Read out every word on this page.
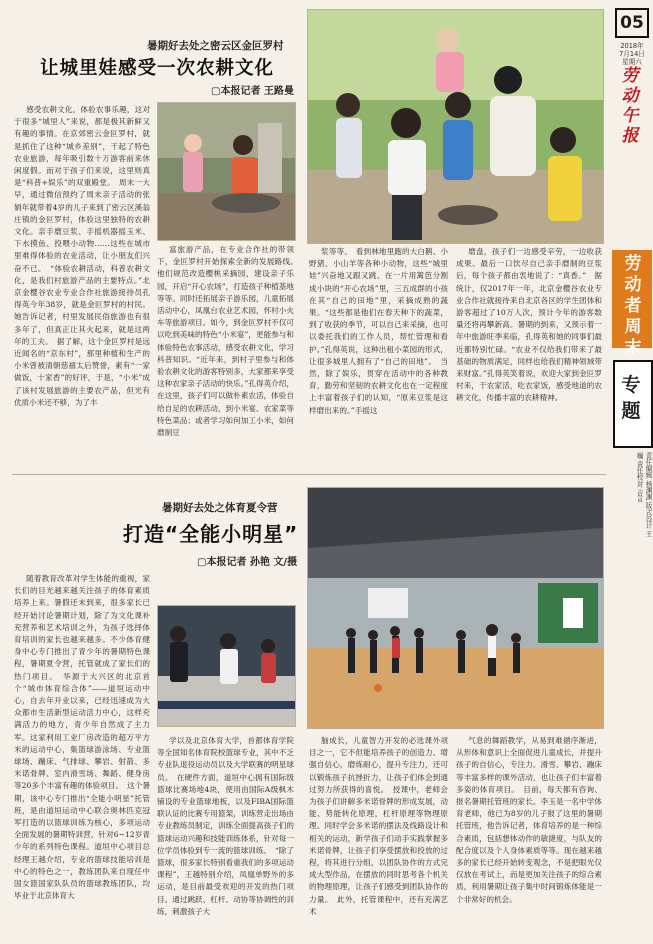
暑期好去处之密云区金叵罗村
让城里娃感受一次农耕文化
▢本报记者 王路曼

感受农耕文化，体验农事乐趣，这对于很多“城里人”来说，都是极其新鲜又有趣的事情。在京郊密云金叵罗村，就是抓住了这种“城乡差别”，干起了特色农业旅游，每年吸引数十万游客前来休闲度假。而对于孩子们来说，这里则真是“科普+娱乐”的双重殿堂。　周末一大早，通过微信预约了周末亲子活动的张娟年就带着4岁的儿子来到了密云区溪翁庄镇的金叵罗村，体验这里独特的农耕文化。亲手磨豆浆、手摇机器摇玉米、下水摸鱼、投喂小动物……这些在城市里难得体验的农业活动，让小朋友们兴奋不已。　“体验农耕活动，科普农耕文化，是我们村旅游产品的主要特点。”北京金樱谷农业专业合作社旅游接待员孔得英今年38岁，就是金叵罗村的村民。她告诉记者，村里发展民俗旅游也有很多年了，但真正让其火起来，就是这两年的工夫。　据了解，这个金叵罗村是远近闻名的“京东村”，那里种植和生产的小米曾被清朝慈禧太后赞誉，素有“一家做饭，十家香”的好评，于是，“小米”成了该村发展旅游的主要农产品，但光有优质小米还不够，为了丰

富旅游产品，在专业合作社的带领下，金叵罗村开始探索全新的发展路线。　他们规范改造樱桃采摘园，建设亲子乐园，开启“开心农场”，打造孩子种植基地等等。同时还拓展亲子游乐园，儿童拓展活动中心，凤凰台农业艺术园，怀村小火车等旅游项目。如今，到金叵罗村不仅可以吃到美味的特色“小米宴”，更能参与和体验特色农事活动，感受农耕文化，学习科普知识。“近年来，到村子里参与和体验农耕文化的游客特别多，大家都来享受这种农家亲子活动的快乐。”孔得英介绍，在这里，孩子们可以做朴素农活，体验自给自足的农耕活动，到小米宴、农家菜等特色菜品；或者学习如何加工小米，如何磨制豆

浆等等。　看到林地里跑的大白鹅、小野猪、小山羊等各种小动物，这些“城里娃”兴奋地又跟又跳。在一片用篱笆分割成小块的“开心农场”里，三五成群的小孩在其“自己的田地”里，采摘成熟的蔬果。“这些都是他们在春天种下的蔬菜，到了收获的季节，可以自己来采摘，也可以委托我们的工作人员，帮忙管理和看护。”孔得英说，这种出租小菜园的形式，让很多城里人拥有了“自己的田地”。　当然，除了娱乐，贯穿在活动中的各种教育，勤劳和坚韧的农耕文化也在一定程度上丰富着孩子们的认知，“原来豆浆是这样磨出来的。”手摇这

磨盘，孩子们一边感受辛劳，一边收获成果。最后一口饮尽自己亲手磨制的豆浆后，每个孩子都由衷地说了：“真香。”　据统计，仅2017年一年，北京金樱谷农业专业合作社就接待来自北京各区的学生团体和游客超过了10万人次，预计今年的游客数量还将再攀新高。暑期的到来，又预示着一年中旅游旺季来临，孔得英和她的同事们最近都特别忙碌。“农业不仅给我们带来了最基础的物质满足，同样也给我们精神领域带来财富。”孔得英笑着说，欢迎大家到金叵罗村来，干农家活，吃农家饭，感受地道的农耕文化，传播丰富的农耕精神。

暑期好去处之体育夏令营
打造“全能小明星”
▢本报记者 孙艳 文/摄

随着教育改革对学生体能的重视，家长们的目光越来越关注孩子的体育素质培养上来。暑假还未到来，很多家长已经开始讨论暑期计划，除了为文化课补充营养和艺术培训之外，为孩子选择体育培训的家长也越来越多。不少体育健身中心专门推出了青少年的暑期特色课程，暑期夏令营，托管就成了家长们的热门项目。　华源于大兴区的北京首个“城市体育综合体”——道垣运动中心，自去年开业以来，已经迅速成为大众都市生活新型运动活力中心，这样充满活力的地方，青少年自然成了主力军。这家利用工业厂房改造的超万平方米的运动中心，集篮球游泳场、专业篮球场、蹦床、气排球、攀岩、射箭、多米诺骨牌、室内滑雪场、舞蹈、健身房等20多个丰富有趣的体验项目。　这个暑期，该中心专门推出“全能小明星”托管班，是由道垣运动中心联合奥林匹克冠军打造的以篮球训练为核心，多项运动全面发展的暑期特训营，针对6~12岁青少年的系列特色课程。道垣中心项目总经理王越介绍，专业的篮球技能培训是中心的特色之一，教练团队来自现任中国女篮国家队队员的篮球教练团队，均毕业于北京体育大

学以及北京体育大学，首都体育学院等全国知名体育院校篮球专业，其中不乏专业队退役运动员以及大学联赛的明星球员。　在硬件方面，道垣中心拥有国际级篮球比赛场地4块，使用由国际A级枫木铺设的专业篮球地板，以及FIBA国际篮联认证的比赛专用篮架，训练营走出场由专业教练员制定，训练全面提高孩子们的篮球运动兴趣和技能训练体系，针对每一位学员体验到专一流的篮球训练。　“除了篮球，很多家长特别看重我们的多项运动课程”，王越特别介绍，凤凰单野外的多运动，是目前最受欢迎的开发的热门项目。通过跳跃、杠杆、动协等协调性的训练，刺激孩子大

脑成长，儿童智力开发的必选课外项目之一，它不但能培养孩子的创造力、增强自信心，磨炼耐心，提升专注力，还可以锻炼孩子抗挫折力，让孩子们体会到通过努力所获得的喜悦。　授课中，老师会为孩子们讲解多米诺骨牌的形成发展，动能、势能转化原理，杠杆原理等物理原理。同时学会多米诺的摆法及线路设计和相关的运动，新学孩子们动手实践掌握多米诺骨牌，让孩子们享受摆放和投放的过程，将其进行分组，以团队协作的方式完成大型作品，在摆放的同时思考各个机关的物理原理，让孩子们感受到团队协作的力量。　此外，托管课程中，还有充满艺术

气息的舞蹈教学，从易到难循序渐进，从形体和意识上全面促进儿童成长，并提升孩子的自信心，专注力。滑雪、攀岩、蹦床等丰富多样的课外活动，也让孩子们丰富着多姿的体育项目。　目前，每天都有咨询、报名暑期托管班的家长。李玉是一名中学体育老师，他已为8岁的儿子报了这里的暑期托管班，他告诉记者，体育培养的是一种综合素质，包括想体动作的敏捷度，与队友的配合度以及个人身体素质等等。现在越来越多的家长已经开始转变观念，不是把眼光仅仅放在考试上，而是更加关注孩子的综合素质，利用暑期让孩子集中时间锻炼体能是一个非常好的机会。

05
2018年
7月14日
星期六
劳动午报
劳动者周末
专题
责任编辑 杨渊渊 版式设计 王巍 责任校对 吉言
